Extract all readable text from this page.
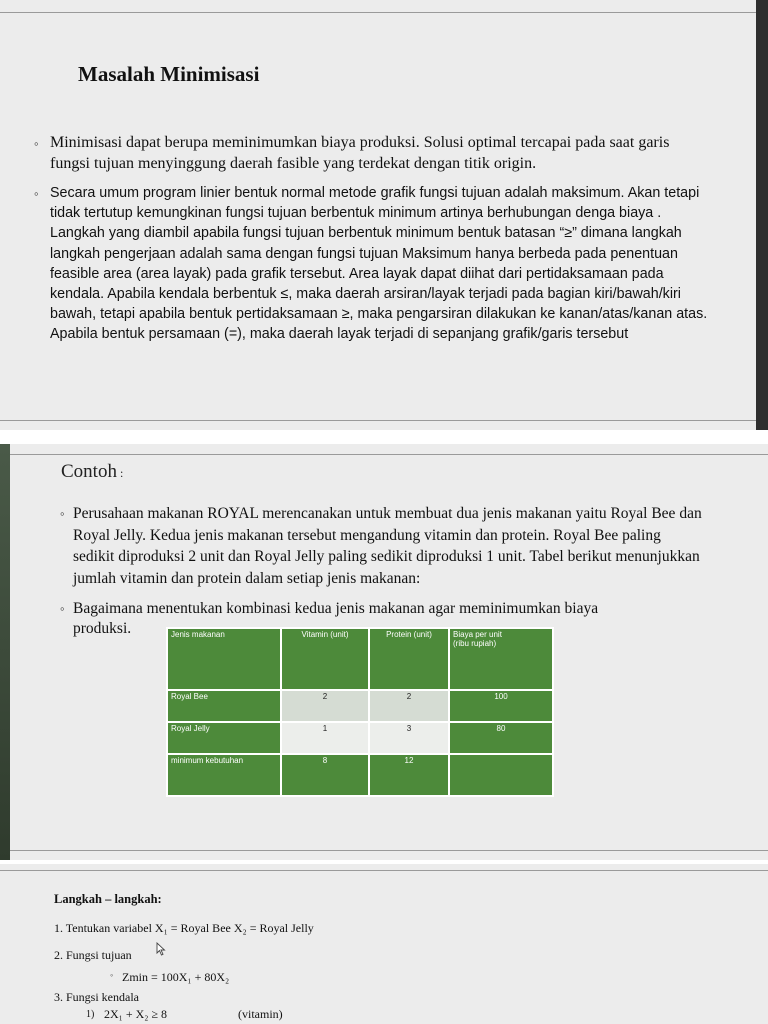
Masalah Minimisasi
◦ Minimisasi dapat berupa meminimumkan biaya produksi. Solusi optimal tercapai pada saat garis fungsi tujuan menyinggung daerah fasible yang terdekat dengan titik origin.
◦ Secara umum program linier bentuk normal metode grafik fungsi tujuan adalah maksimum. Akan tetapi tidak tertutup kemungkinan fungsi tujuan berbentuk minimum artinya berhubungan denga biaya . Langkah yang diambil apabila fungsi tujuan berbentuk minimum bentuk batasan “≥” dimana langkah langkah pengerjaan adalah sama dengan fungsi tujuan Maksimum hanya berbeda pada penentuan feasible area (area layak) pada grafik tersebut. Area layak dapat diihat dari pertidaksamaan pada kendala. Apabila kendala berbentuk ≤, maka daerah arsiran/layak terjadi pada bagian kiri/bawah/kiri bawah, tetapi apabila bentuk pertidaksamaan ≥, maka pengarsiran dilakukan ke kanan/atas/kanan atas. Apabila bentuk persamaan (=), maka daerah layak terjadi di sepanjang grafik/garis tersebut
Contoh :
◦ Perusahaan makanan ROYAL merencanakan untuk membuat dua jenis makanan yaitu Royal Bee dan Royal Jelly. Kedua jenis makanan tersebut mengandung vitamin dan protein. Royal Bee paling sedikit diproduksi 2 unit dan Royal Jelly paling sedikit diproduksi 1 unit. Tabel berikut menunjukkan jumlah vitamin dan protein dalam setiap jenis makanan:
◦ Bagaimana menentukan kombinasi kedua jenis makanan agar meminimumkan biaya
produksi.	Jenis makanan	Vitamin (unit)	Protein (unit)	Biaya per unit
(ribu rupiah)
Royal Bee	2	2	100
Royal Jelly	1	3	80
minimum kebutuhan	8	12	
Langkah – langkah:
1. Tentukan variabel X₁ = Royal Bee X₂ = Royal Jelly
2. Fungsi tujuan
◦ Zmin = 100X₁ + 80X₂
3. Fungsi kendala
1) 2X₁ + X₂ ≥ 8	(vitamin)
